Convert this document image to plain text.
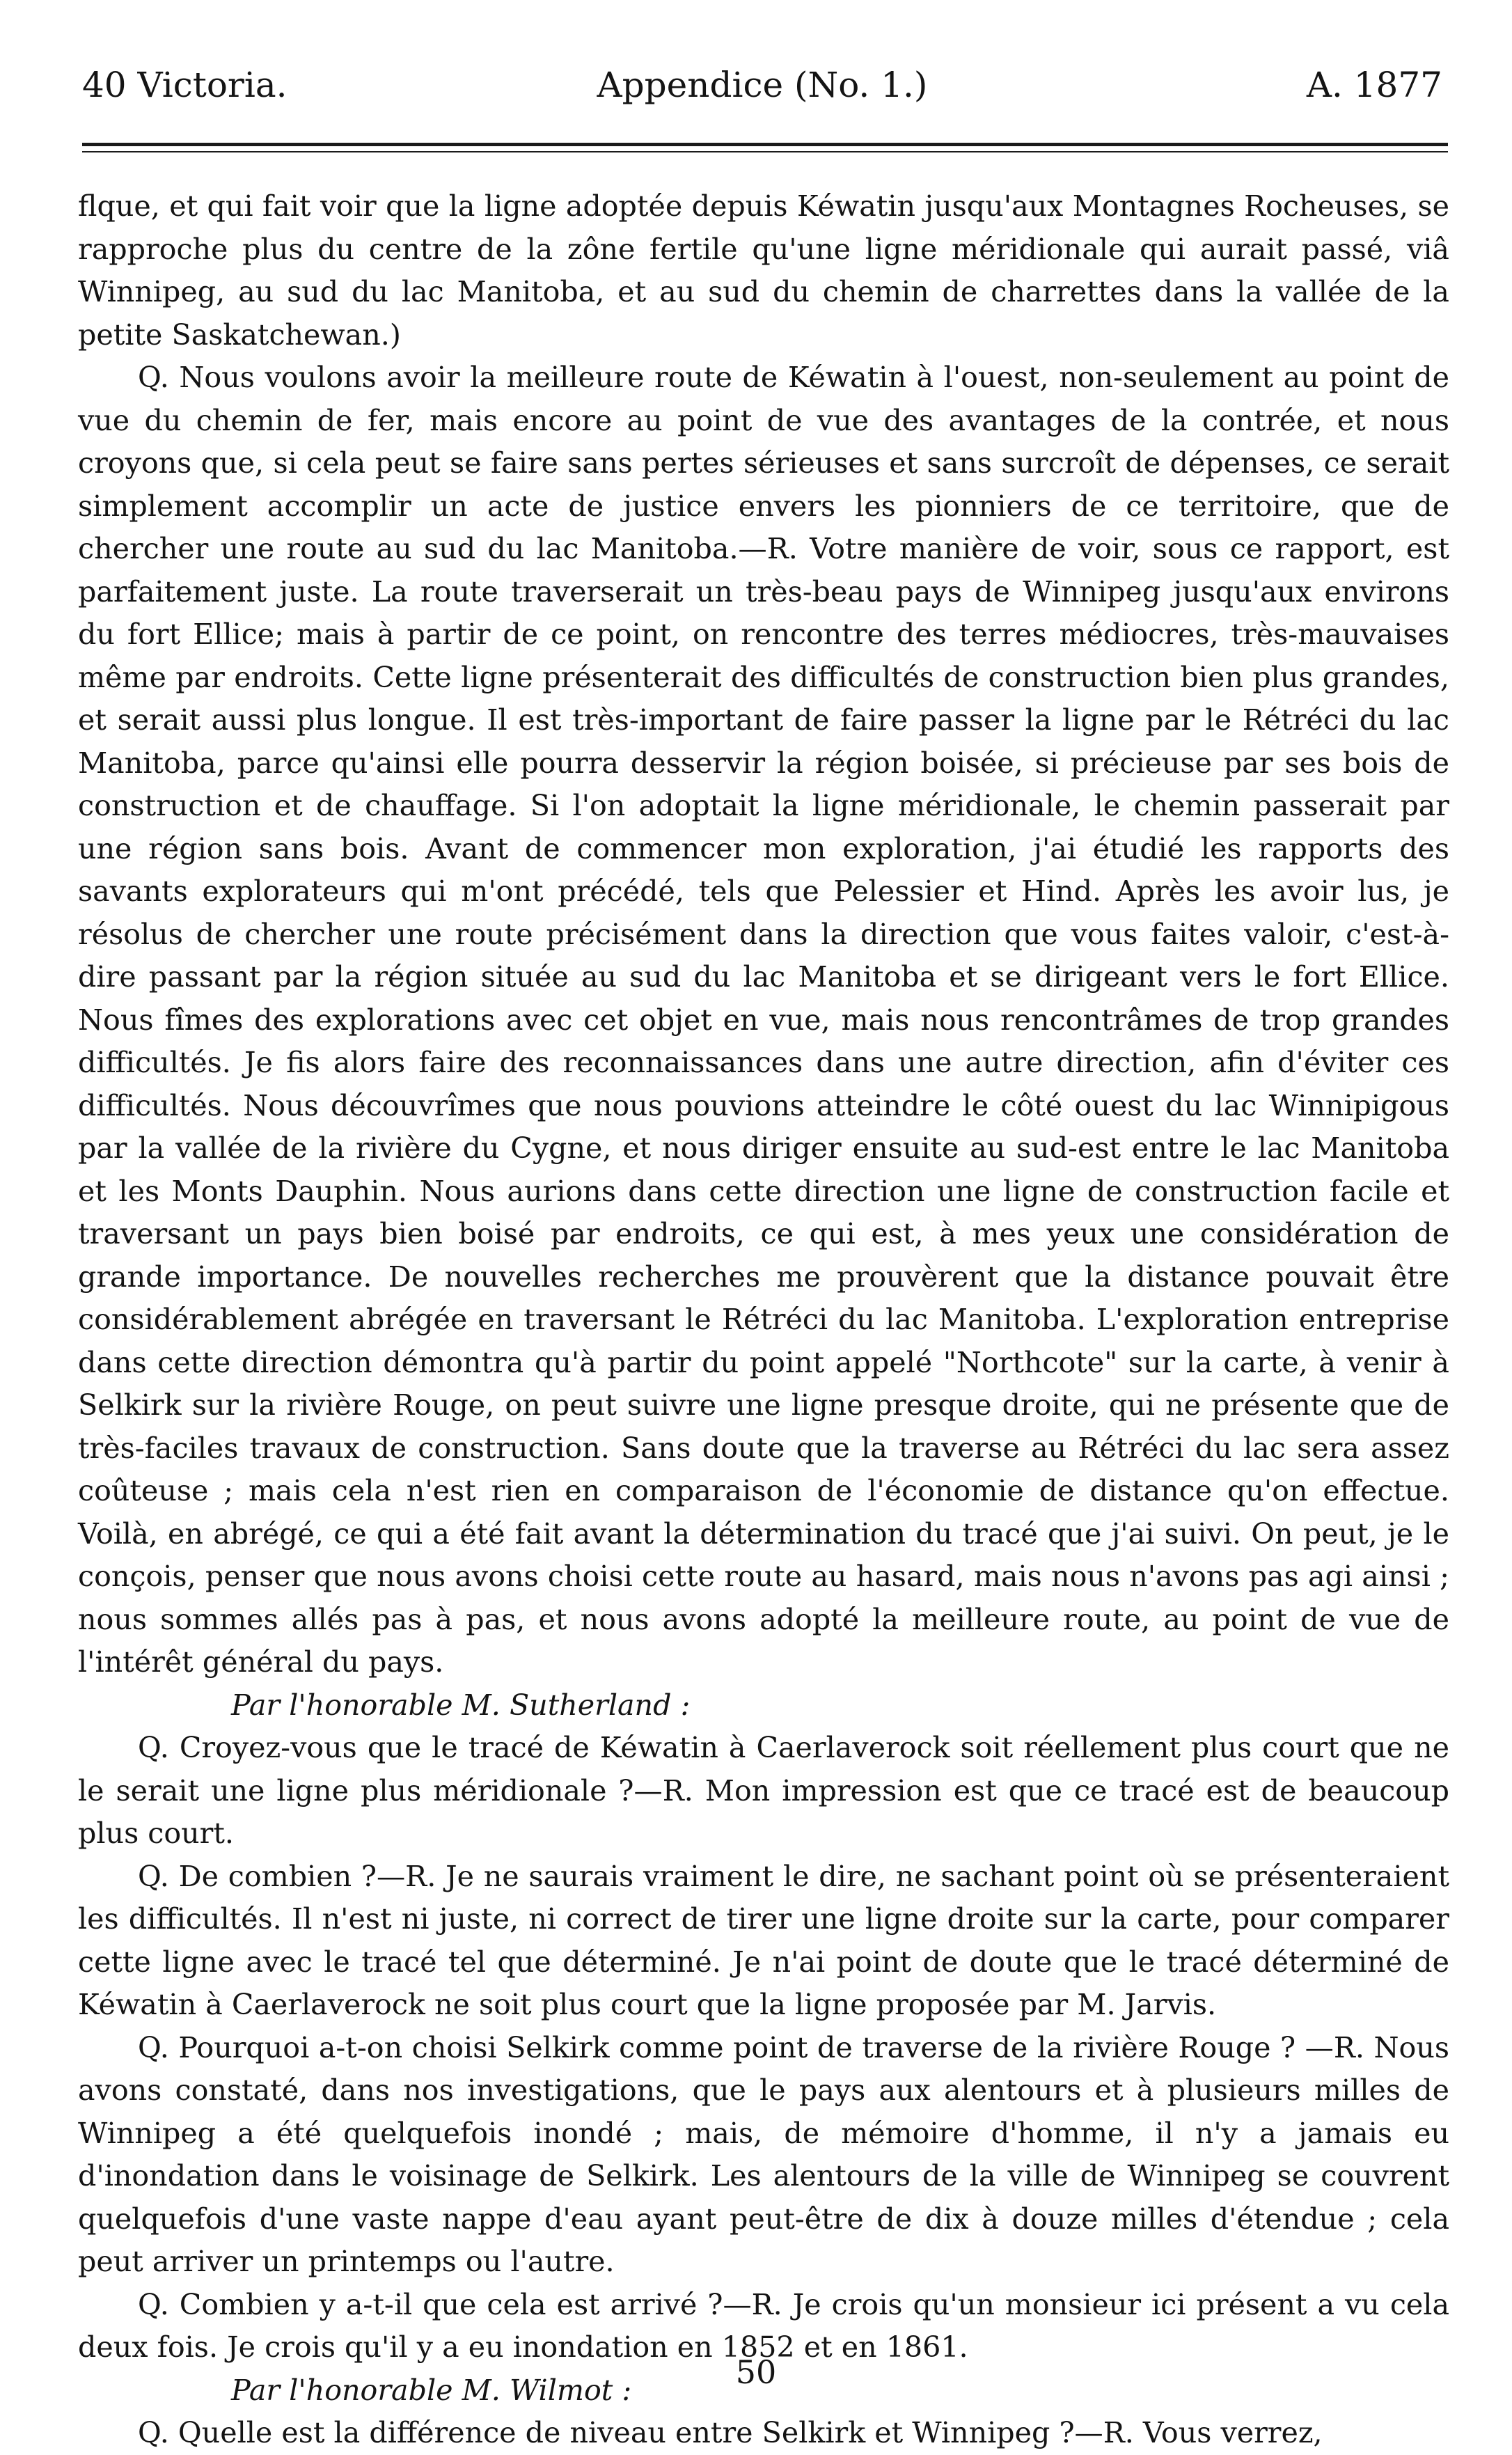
40 Victoria.	Appendice (No. 1.)	A. 1877

flque, et qui fait voir que la ligne adoptée depuis Kéwatin jusqu'aux Montagnes Rocheuses, se rapproche plus du centre de la zône fertile qu'une ligne méridionale qui aurait passé, viâ Winnipeg, au sud du lac Manitoba, et au sud du chemin de charrettes dans la vallée de la petite Saskatchewan.)

Q. Nous voulons avoir la meilleure route de Kéwatin à l'ouest, non-seulement au point de vue du chemin de fer, mais encore au point de vue des avantages de la contrée, et nous croyons que, si cela peut se faire sans pertes sérieuses et sans surcroît de dépenses, ce serait simplement accomplir un acte de justice envers les pionniers de ce territoire, que de chercher une route au sud du lac Manitoba.—R. Votre manière de voir, sous ce rapport, est parfaitement juste. La route traverserait un très-beau pays de Winnipeg jusqu'aux environs du fort Ellice; mais à partir de ce point, on rencontre des terres médiocres, très-mauvaises même par endroits. Cette ligne présenterait des difficultés de construction bien plus grandes, et serait aussi plus longue. Il est très-important de faire passer la ligne par le Rétréci du lac Manitoba, parce qu'ainsi elle pourra desservir la région boisée, si précieuse par ses bois de construction et de chauffage. Si l'on adoptait la ligne méridionale, le chemin passerait par une région sans bois. Avant de commencer mon exploration, j'ai étudié les rapports des savants explorateurs qui m'ont précédé, tels que Pelessier et Hind. Après les avoir lus, je résolus de chercher une route précisément dans la direction que vous faites valoir, c'est-à-dire passant par la région située au sud du lac Manitoba et se dirigeant vers le fort Ellice. Nous fîmes des explorations avec cet objet en vue, mais nous rencontrâmes de trop grandes difficultés. Je fis alors faire des reconnaissances dans une autre direction, afin d'éviter ces difficultés. Nous découvrîmes que nous pouvions atteindre le côté ouest du lac Winnipigous par la vallée de la rivière du Cygne, et nous diriger ensuite au sud-est entre le lac Manitoba et les Monts Dauphin. Nous aurions dans cette direction une ligne de construction facile et traversant un pays bien boisé par endroits, ce qui est, à mes yeux une considération de grande importance. De nouvelles recherches me prouvèrent que la distance pouvait être considérablement abrégée en traversant le Rétréci du lac Manitoba. L'exploration entreprise dans cette direction démontra qu'à partir du point appelé "Northcote" sur la carte, à venir à Selkirk sur la rivière Rouge, on peut suivre une ligne presque droite, qui ne présente que de très-faciles travaux de construction. Sans doute que la traverse au Rétréci du lac sera assez coûteuse ; mais cela n'est rien en comparaison de l'économie de distance qu'on effectue. Voilà, en abrégé, ce qui a été fait avant la détermination du tracé que j'ai suivi. On peut, je le conçois, penser que nous avons choisi cette route au hasard, mais nous n'avons pas agi ainsi ; nous sommes allés pas à pas, et nous avons adopté la meilleure route, au point de vue de l'intérêt général du pays.

Par l'honorable M. Sutherland :

Q. Croyez-vous que le tracé de Kéwatin à Caerlaverock soit réellement plus court que ne le serait une ligne plus méridionale ?—R. Mon impression est que ce tracé est de beaucoup plus court.

Q. De combien ?—R. Je ne saurais vraiment le dire, ne sachant point où se présenteraient les difficultés. Il n'est ni juste, ni correct de tirer une ligne droite sur la carte, pour comparer cette ligne avec le tracé tel que déterminé. Je n'ai point de doute que le tracé déterminé de Kéwatin à Caerlaverock ne soit plus court que la ligne proposée par M. Jarvis.

Q. Pourquoi a-t-on choisi Selkirk comme point de traverse de la rivière Rouge ? —R. Nous avons constaté, dans nos investigations, que le pays aux alentours et à plusieurs milles de Winnipeg a été quelquefois inondé ; mais, de mémoire d'homme, il n'y a jamais eu d'inondation dans le voisinage de Selkirk. Les alentours de la ville de Winnipeg se couvrent quelquefois d'une vaste nappe d'eau ayant peut-être de dix à douze milles d'étendue ; cela peut arriver un printemps ou l'autre.

Q. Combien y a-t-il que cela est arrivé ?—R. Je crois qu'un monsieur ici présent a vu cela deux fois. Je crois qu'il y a eu inondation en 1852 et en 1861.

Par l'honorable M. Wilmot :

Q. Quelle est la différence de niveau entre Selkirk et Winnipeg ?—R. Vous verrez,

50
